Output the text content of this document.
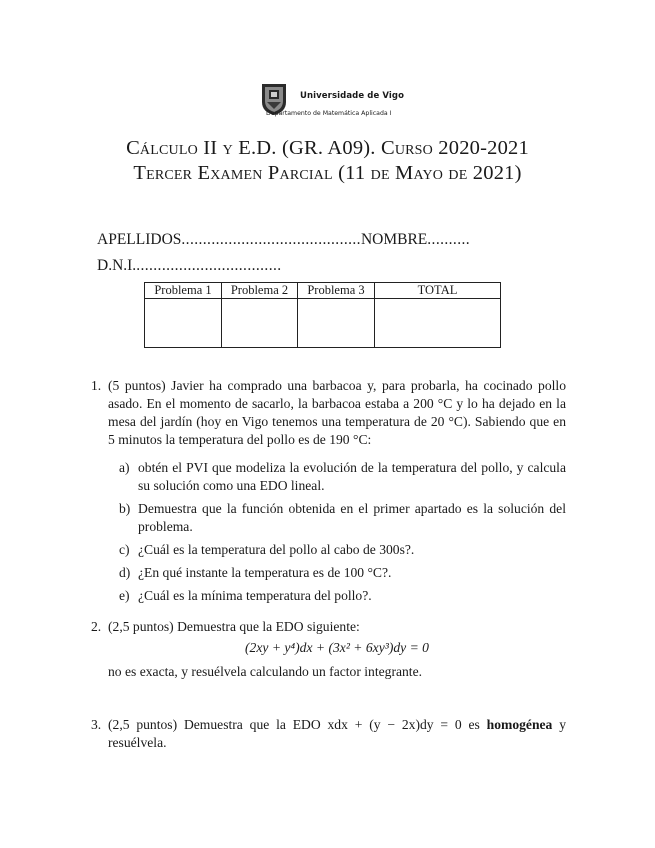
Universidade de Vigo
Departamento de Matemática Aplicada I
Cálculo II y E.D. (GR. A09). Curso 2020-2021
Tercer Examen Parcial (11 de Mayo de 2021)
APELLIDOS..........................................NOMBRE..........
D.N.I...................................
Problema 1	Problema 2	Problema 3	TOTAL

1. (5 puntos) Javier ha comprado una barbacoa y, para probarla, ha cocinado pollo asado. En el momento de sacarlo, la barbacoa estaba a 200 °C y lo ha dejado en la mesa del jardín (hoy en Vigo tenemos una temperatura de 20 °C). Sabiendo que en 5 minutos la temperatura del pollo es de 190 °C:
a) obtén el PVI que modeliza la evolución de la temperatura del pollo, y calcula su solución como una EDO lineal.
b) Demuestra que la función obtenida en el primer apartado es la solución del problema.
c) ¿Cuál es la temperatura del pollo al cabo de 300s?.
d) ¿En qué instante la temperatura es de 100 °C?.
e) ¿Cuál es la mínima temperatura del pollo?.
2. (2,5 puntos) Demuestra que la EDO siguiente:
(2xy + y⁴)dx + (3x² + 6xy³)dy = 0
no es exacta, y resuélvela calculando un factor integrante.
3. (2,5 puntos) Demuestra que la EDO xdx + (y − 2x)dy = 0 es homogénea y resuélvela.
